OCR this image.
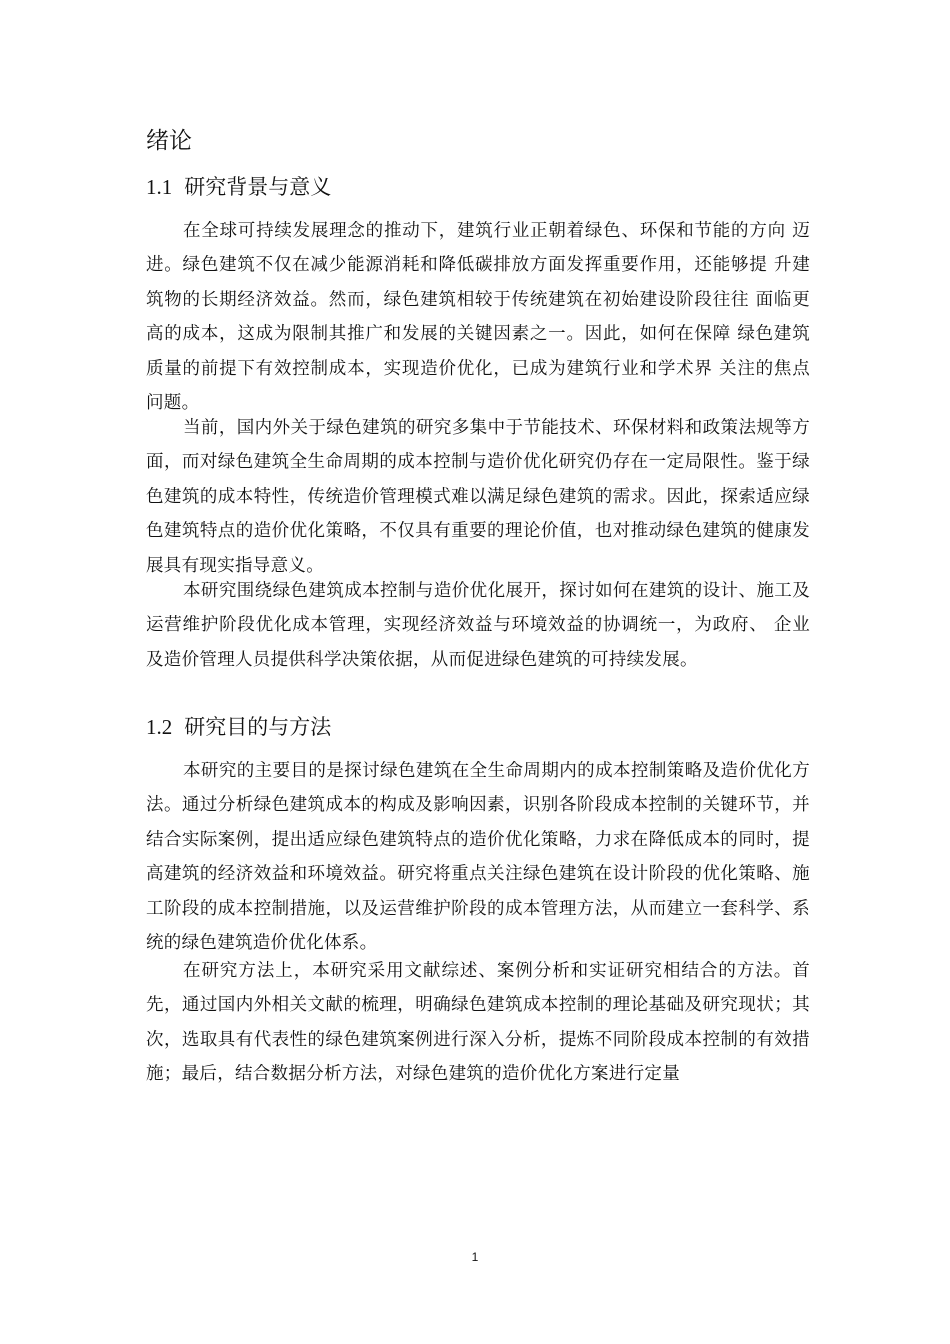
绪论
1.1 研究背景与意义

在全球可持续发展理念的推动下，建筑行业正朝着绿色、环保和节能的方向 迈进。绿色建筑不仅在减少能源消耗和降低碳排放方面发挥重要作用，还能够提 升建筑物的长期经济效益。然而，绿色建筑相较于传统建筑在初始建设阶段往往 面临更高的成本，这成为限制其推广和发展的关键因素之一。因此，如何在保障 绿色建筑质量的前提下有效控制成本，实现造价优化，已成为建筑行业和学术界 关注的焦点问题。

当前，国内外关于绿色建筑的研究多集中于节能技术、环保材料和政策法规等方面，而对绿色建筑全生命周期的成本控制与造价优化研究仍存在一定局限性。鉴于绿色建筑的成本特性，传统造价管理模式难以满足绿色建筑的需求。因此，探索适应绿色建筑特点的造价优化策略，不仅具有重要的理论价值，也对推动绿色建筑的健康发展具有现实指导意义。

本研究围绕绿色建筑成本控制与造价优化展开，探讨如何在建筑的设计、施工及运营维护阶段优化成本管理，实现经济效益与环境效益的协调统一，为政府、 企业及造价管理人员提供科学决策依据，从而促进绿色建筑的可持续发展。

1.2 研究目的与方法

本研究的主要目的是探讨绿色建筑在全生命周期内的成本控制策略及造价优化方法。通过分析绿色建筑成本的构成及影响因素，识别各阶段成本控制的关键环节，并结合实际案例，提出适应绿色建筑特点的造价优化策略，力求在降低成本的同时，提高建筑的经济效益和环境效益。研究将重点关注绿色建筑在设计阶段的优化策略、施工阶段的成本控制措施，以及运营维护阶段的成本管理方法，从而建立一套科学、系统的绿色建筑造价优化体系。

在研究方法上，本研究采用文献综述、案例分析和实证研究相结合的方法。首先，通过国内外相关文献的梳理，明确绿色建筑成本控制的理论基础及研究现状；其次，选取具有代表性的绿色建筑案例进行深入分析，提炼不同阶段成本控制的有效措施；最后，结合数据分析方法，对绿色建筑的造价优化方案进行定量

1
